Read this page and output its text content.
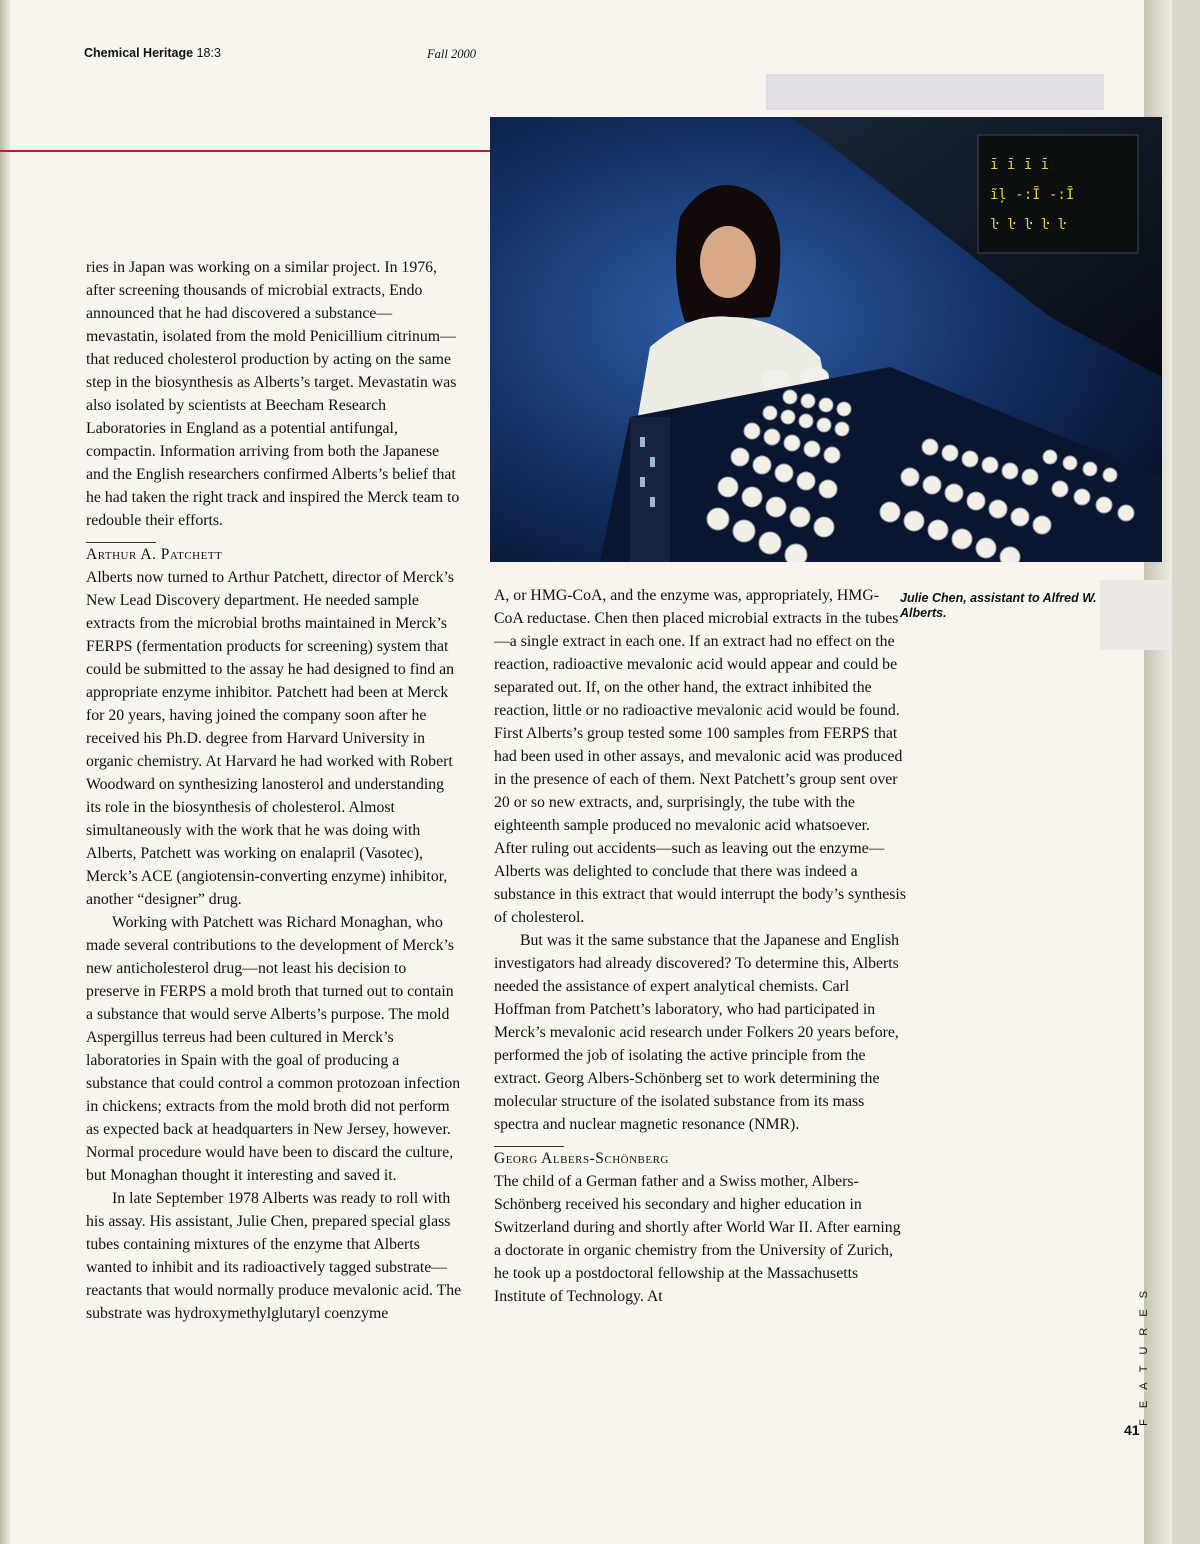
Chemical Heritage 18:3	Fall 2000
ī ī ī ī
ĩļ -:Ĩ -:Ĩ
ŀ ŀ ŀ ŀ ŀ
Julie Chen, assistant to Alfred W. Alberts.

ries in Japan was working on a similar project. In 1976, after screening thousands of microbial extracts, Endo announced that he had discovered a substance—mevastatin, isolated from the mold Penicillium citrinum—that reduced cholesterol production by acting on the same step in the biosynthesis as Alberts’s target. Mevastatin was also isolated by scientists at Beecham Research Laboratories in England as a potential antifungal, compactin. Information arriving from both the Japanese and the English researchers confirmed Alberts’s belief that he had taken the right track and inspired the Merck team to redouble their efforts.

Arthur A. Patchett

Alberts now turned to Arthur Patchett, director of Merck’s New Lead Discovery department. He needed sample extracts from the microbial broths maintained in Merck’s FERPS (fermentation products for screening) system that could be submitted to the assay he had designed to find an appropriate enzyme inhibitor. Patchett had been at Merck for 20 years, having joined the company soon after he received his Ph.D. degree from Harvard University in organic chemistry. At Harvard he had worked with Robert Woodward on synthesizing lanosterol and understanding its role in the biosynthesis of cholesterol. Almost simultaneously with the work that he was doing with Alberts, Patchett was working on enalapril (Vasotec), Merck’s ACE (angiotensin-converting enzyme) inhibitor, another “designer” drug.

Working with Patchett was Richard Monaghan, who made several contributions to the development of Merck’s new anticholesterol drug—not least his decision to preserve in FERPS a mold broth that turned out to contain a substance that would serve Alberts’s purpose. The mold Aspergillus terreus had been cultured in Merck’s laboratories in Spain with the goal of producing a substance that could control a common protozoan infection in chickens; extracts from the mold broth did not perform as expected back at headquarters in New Jersey, however. Normal procedure would have been to discard the culture, but Monaghan thought it interesting and saved it.

In late September 1978 Alberts was ready to roll with his assay. His assistant, Julie Chen, prepared special glass tubes containing mixtures of the enzyme that Alberts wanted to inhibit and its radioactively tagged substrate—reactants that would normally produce mevalonic acid. The substrate was hydroxymethylglutaryl coenzyme

A, or HMG-CoA, and the enzyme was, appropriately, HMG-CoA reductase. Chen then placed microbial extracts in the tubes—a single extract in each one. If an extract had no effect on the reaction, radioactive mevalonic acid would appear and could be separated out. If, on the other hand, the extract inhibited the reaction, little or no radioactive mevalonic acid would be found. First Alberts’s group tested some 100 samples from FERPS that had been used in other assays, and mevalonic acid was produced in the presence of each of them. Next Patchett’s group sent over 20 or so new extracts, and, surprisingly, the tube with the eighteenth sample produced no mevalonic acid whatsoever. After ruling out accidents—such as leaving out the enzyme—Alberts was delighted to conclude that there was indeed a substance in this extract that would interrupt the body’s synthesis of cholesterol.

But was it the same substance that the Japanese and English investigators had already discovered? To determine this, Alberts needed the assistance of expert analytical chemists. Carl Hoffman from Patchett’s laboratory, who had participated in Merck’s mevalonic acid research under Folkers 20 years before, performed the job of isolating the active principle from the extract. Georg Albers-Schönberg set to work determining the molecular structure of the isolated substance from its mass spectra and nuclear magnetic resonance (NMR).

Georg Albers-Schönberg

The child of a German father and a Swiss mother, Albers-Schönberg received his secondary and higher education in Switzerland during and shortly after World War II. After earning a doctorate in organic chemistry from the University of Zurich, he took up a postdoctoral fellowship at the Massachusetts Institute of Technology. At	FEATURES
41
